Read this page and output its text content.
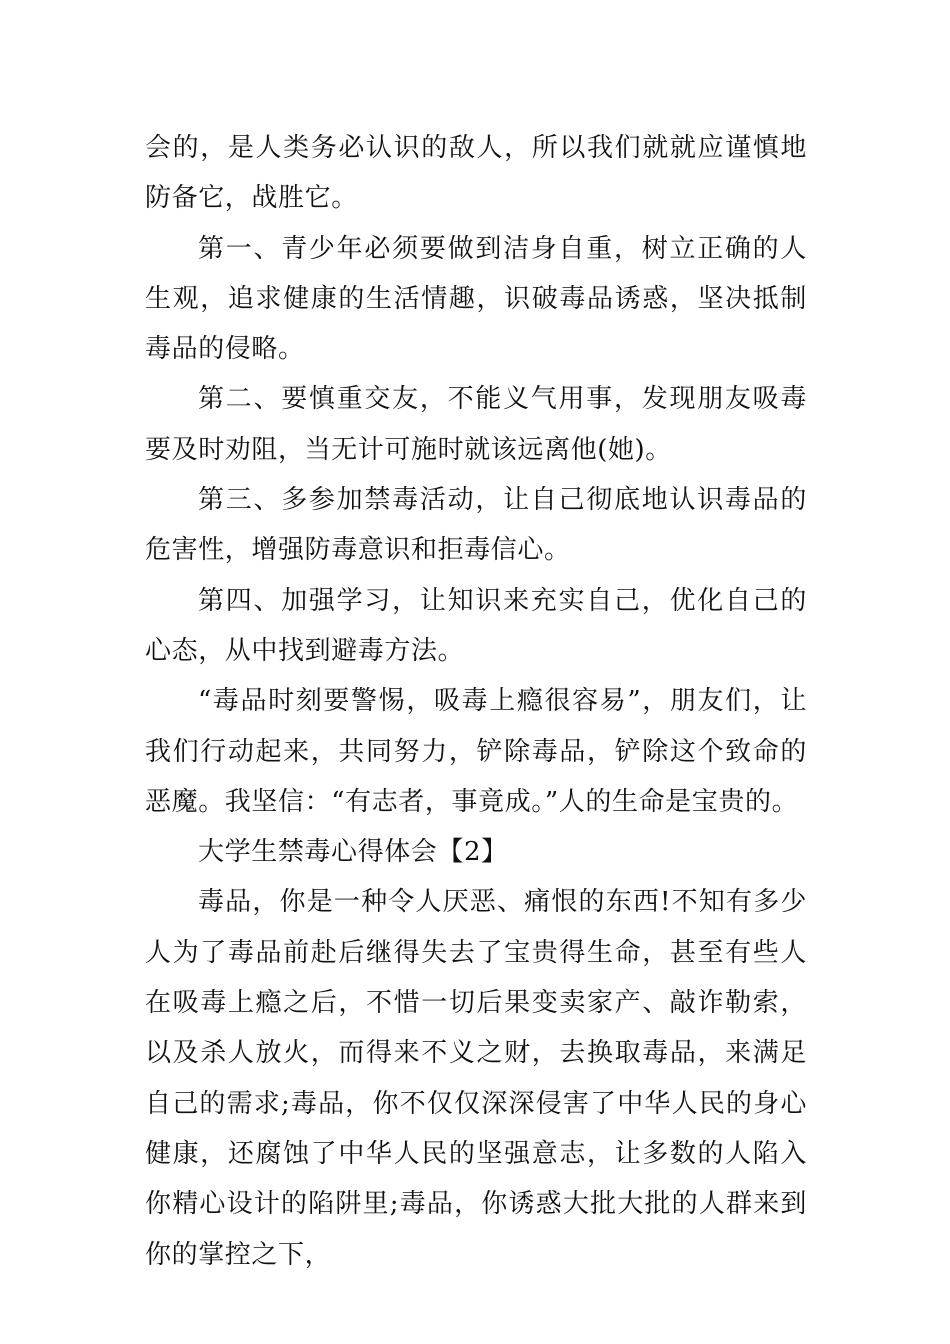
会的，是人类务必认识的敌人，所以我们就就应谨慎地防备它，战胜它。

第一、青少年必须要做到洁身自重，树立正确的人生观，追求健康的生活情趣，识破毒品诱惑，坚决抵制毒品的侵略。

第二、要慎重交友，不能义气用事，发现朋友吸毒要及时劝阻，当无计可施时就该远离他(她)。

第三、多参加禁毒活动，让自己彻底地认识毒品的危害性，增强防毒意识和拒毒信心。

第四、加强学习，让知识来充实自己，优化自己的心态，从中找到避毒方法。

“毒品时刻要警惕，吸毒上瘾很容易”，朋友们，让我们行动起来，共同努力，铲除毒品，铲除这个致命的恶魔。我坚信：“有志者，事竟成。”人的生命是宝贵的。

大学生禁毒心得体会【2】

毒品，你是一种令人厌恶、痛恨的东西!不知有多少人为了毒品前赴后继得失去了宝贵得生命，甚至有些人在吸毒上瘾之后，不惜一切后果变卖家产、敲诈勒索，以及杀人放火，而得来不义之财，去换取毒品，来满足自己的需求;毒品，你不仅仅深深侵害了中华人民的身心健康，还腐蚀了中华人民的坚强意志，让多数的人陷入你精心设计的陷阱里;毒品，你诱惑大批大批的人群来到你的掌控之下，
